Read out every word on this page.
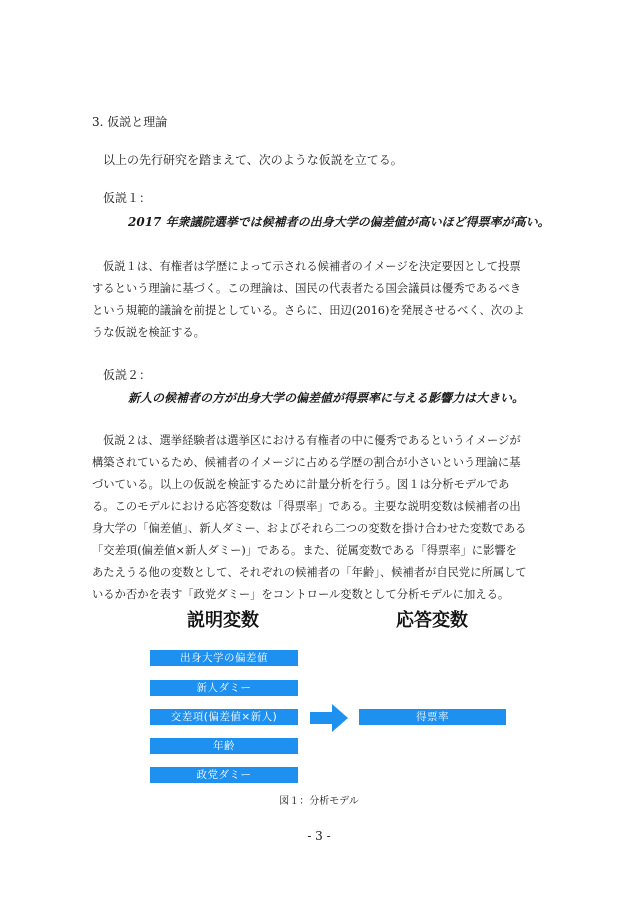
3. 仮説と理論
以上の先行研究を踏まえて、次のような仮説を立てる。
仮説１：
2017 年衆議院選挙では候補者の出身大学の偏差値が高いほど得票率が高い。
仮説１は、有権者は学歴によって示される候補者のイメージを決定要因として投票
するという理論に基づく。この理論は、国民の代表者たる国会議員は優秀であるべき
という規範的議論を前提としている。さらに、田辺(2016)を発展させるべく、次のよ
うな仮説を検証する。
仮説２：
新人の候補者の方が出身大学の偏差値が得票率に与える影響力は大きい。
仮説２は、選挙経験者は選挙区における有権者の中に優秀であるというイメージが
構築されているため、候補者のイメージに占める学歴の割合が小さいという理論に基
づいている。以上の仮説を検証するために計量分析を行う。図１は分析モデルであ
る。このモデルにおける応答変数は「得票率」である。主要な説明変数は候補者の出
身大学の「偏差値」、新人ダミー、およびそれら二つの変数を掛け合わせた変数である
「交差項(偏差値×新人ダミー)」である。また、従属変数である「得票率」に影響を
あたえうる他の変数として、それぞれの候補者の「年齢」、候補者が自民党に所属して
いるか否かを表す「政党ダミー」をコントロール変数として分析モデルに加える。
説明変数	応答変数
出身大学の偏差値
新人ダミー
交差項(偏差値×新人)
年齢
政党ダミー
得票率
図１：分析モデル
- 3 -
